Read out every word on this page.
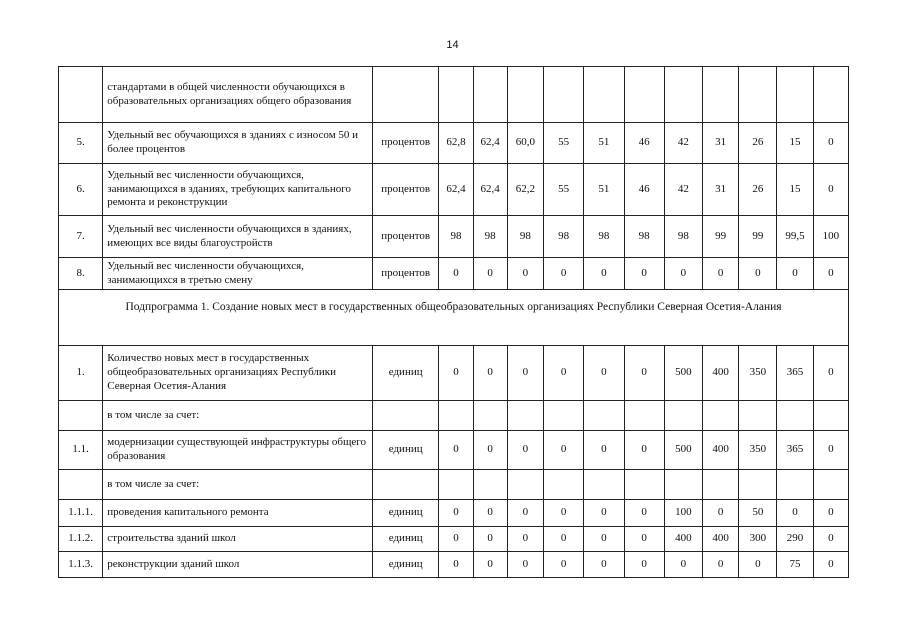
14
	стандартами в общей численности обучающихся в образовательных организациях общего образования												
5.	Удельный вес обучающихся в зданиях с износом 50 и более процентов	процентов	62,8	62,4	60,0	55	51	46	42	31	26	15	0
6.	Удельный вес численности обучающихся, занимающихся в зданиях, требующих капитального ремонта и реконструкции	процентов	62,4	62,4	62,2	55	51	46	42	31	26	15	0
7.	Удельный вес численности обучающихся в зданиях, имеющих все виды благоустройств	процентов	98	98	98	98	98	98	98	99	99	99,5	100
8.	Удельный вес численности обучающихся, занимающихся в третью смену	процентов	0	0	0	0	0	0	0	0	0	0	0
Подпрограмма 1. Создание новых мест в государственных общеобразовательных организациях Республики Северная Осетия-Алания													
1.	Количество новых мест в государственных общеобразовательных организациях Республики Северная Осетия-Алания	единиц	0	0	0	0	0	0	500	400	350	365	0
	в том числе за счет:												
1.1.	модернизации существующей инфраструктуры общего образования	единиц	0	0	0	0	0	0	500	400	350	365	0
	в том числе за счет:												
1.1.1.	проведения капитального ремонта	единиц	0	0	0	0	0	0	100	0	50	0	0
1.1.2.	строительства зданий школ	единиц	0	0	0	0	0	0	400	400	300	290	0
1.1.3.	реконструкции зданий школ	единиц	0	0	0	0	0	0	0	0	0	75	0
